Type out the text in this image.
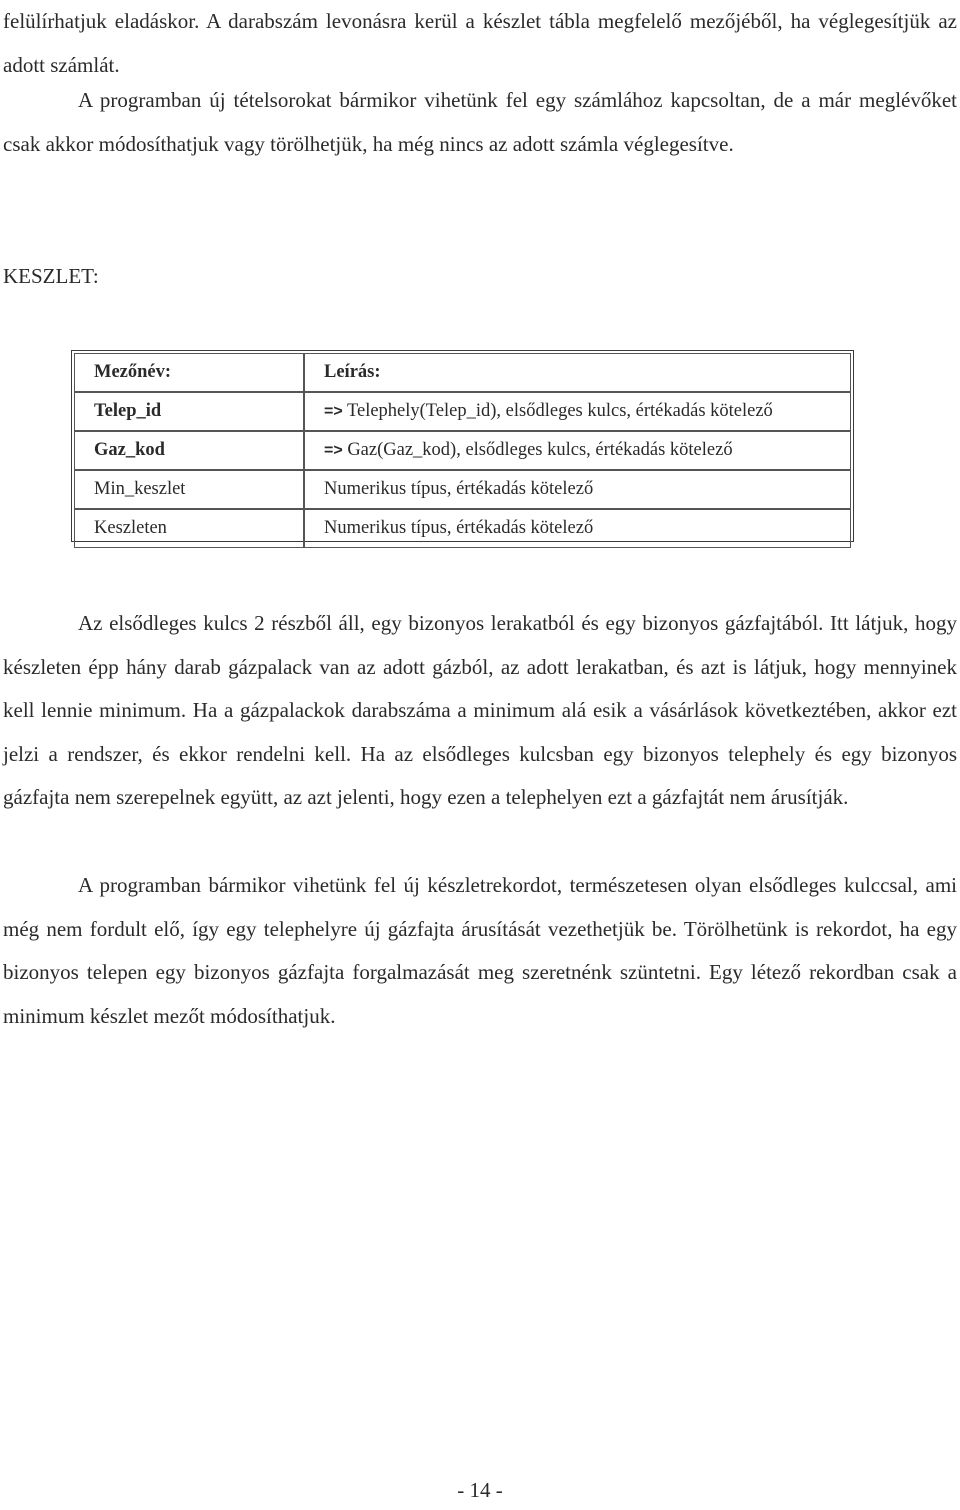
felülírhatjuk eladáskor. A darabszám levonásra kerül a készlet tábla megfelelő mezőjéből, ha véglegesítjük az adott számlát.

A programban új tételsorokat bármikor vihetünk fel egy számlához kapcsoltan, de a már meglévőket csak akkor módosíthatjuk vagy törölhetjük, ha még nincs az adott számla véglegesítve.

KESZLET:

Mezőnév:	Leírás:
Telep_id	=> Telephely(Telep_id), elsődleges kulcs, értékadás kötelező
Gaz_kod	=> Gaz(Gaz_kod), elsődleges kulcs, értékadás kötelező
Min_keszlet	Numerikus típus, értékadás kötelező
Keszleten	Numerikus típus, értékadás kötelező

Az elsődleges kulcs 2 részből áll, egy bizonyos lerakatból és egy bizonyos gázfajtából. Itt látjuk, hogy készleten épp hány darab gázpalack van az adott gázból, az adott lerakatban, és azt is látjuk, hogy mennyinek kell lennie minimum. Ha a gázpalackok darabszáma a minimum alá esik a vásárlások következtében, akkor ezt jelzi a rendszer, és ekkor rendelni kell. Ha az elsődleges kulcsban egy bizonyos telephely és egy bizonyos gázfajta nem szerepelnek együtt, az azt jelenti, hogy ezen a telephelyen ezt a gázfajtát nem árusítják.

A programban bármikor vihetünk fel új készletrekordot, természetesen olyan elsődleges kulccsal, ami még nem fordult elő, így egy telephelyre új gázfajta árusítását vezethetjük be. Törölhetünk is rekordot, ha egy bizonyos telepen egy bizonyos gázfajta forgalmazását meg szeretnénk szüntetni. Egy létező rekordban csak a minimum készlet mezőt módosíthatjuk.

- 14 -
